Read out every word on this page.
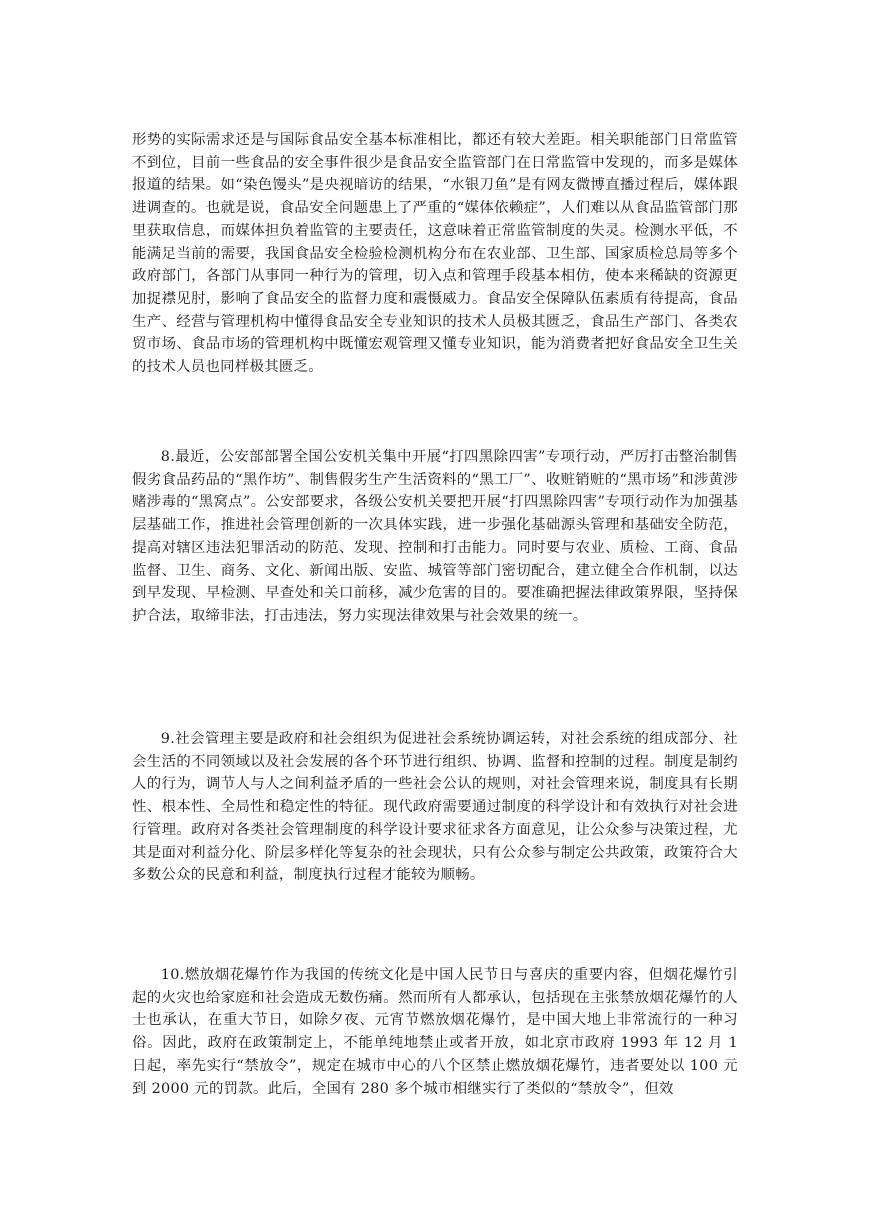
形势的实际需求还是与国际食品安全基本标准相比，都还有较大差距。相关职能部门日常监管不到位，目前一些食品的安全事件很少是食品安全监管部门在日常监管中发现的，而多是媒体报道的结果。如“染色馒头”是央视暗访的结果，“水银刀鱼”是有网友微博直播过程后，媒体跟进调查的。也就是说，食品安全问题患上了严重的“媒体依赖症”，人们难以从食品监管部门那里获取信息，而媒体担负着监管的主要责任，这意味着正常监管制度的失灵。检测水平低，不能满足当前的需要，我国食品安全检验检测机构分布在农业部、卫生部、国家质检总局等多个政府部门，各部门从事同一种行为的管理，切入点和管理手段基本相仿，使本来稀缺的资源更加捉襟见肘，影响了食品安全的监督力度和震慑威力。食品安全保障队伍素质有待提高，食品生产、经营与管理机构中懂得食品安全专业知识的技术人员极其匮乏，食品生产部门、各类农贸市场、食品市场的管理机构中既懂宏观管理又懂专业知识，能为消费者把好食品安全卫生关的技术人员也同样极其匮乏。

8.最近，公安部部署全国公安机关集中开展“打四黑除四害”专项行动，严厉打击整治制售假劣食品药品的“黑作坊”、制售假劣生产生活资料的“黑工厂”、收赃销赃的“黑市场”和涉黄涉赌涉毒的“黑窝点”。公安部要求，各级公安机关要把开展“打四黑除四害”专项行动作为加强基层基础工作，推进社会管理创新的一次具体实践，进一步强化基础源头管理和基础安全防范，提高对辖区违法犯罪活动的防范、发现、控制和打击能力。同时要与农业、质检、工商、食品监督、卫生、商务、文化、新闻出版、安监、城管等部门密切配合，建立健全合作机制，以达到早发现、早检测、早查处和关口前移，减少危害的目的。要准确把握法律政策界限，坚持保护合法，取缔非法，打击违法，努力实现法律效果与社会效果的统一。

9.社会管理主要是政府和社会组织为促进社会系统协调运转，对社会系统的组成部分、社会生活的不同领域以及社会发展的各个环节进行组织、协调、监督和控制的过程。制度是制约人的行为，调节人与人之间利益矛盾的一些社会公认的规则，对社会管理来说，制度具有长期性、根本性、全局性和稳定性的特征。现代政府需要通过制度的科学设计和有效执行对社会进行管理。政府对各类社会管理制度的科学设计要求征求各方面意见，让公众参与决策过程，尤其是面对利益分化、阶层多样化等复杂的社会现状，只有公众参与制定公共政策，政策符合大多数公众的民意和利益，制度执行过程才能较为顺畅。

10.燃放烟花爆竹作为我国的传统文化是中国人民节日与喜庆的重要内容，但烟花爆竹引起的火灾也给家庭和社会造成无数伤痛。然而所有人都承认，包括现在主张禁放烟花爆竹的人士也承认，在重大节日，如除夕夜、元宵节燃放烟花爆竹，是中国大地上非常流行的一种习俗。因此，政府在政策制定上，不能单纯地禁止或者开放，如北京市政府 1993 年 12 月 1 日起，率先实行“禁放令”，规定在城市中心的八个区禁止燃放烟花爆竹，违者要处以 100 元到 2000 元的罚款。此后，全国有 280 多个城市相继实行了类似的“禁放令”，但效
